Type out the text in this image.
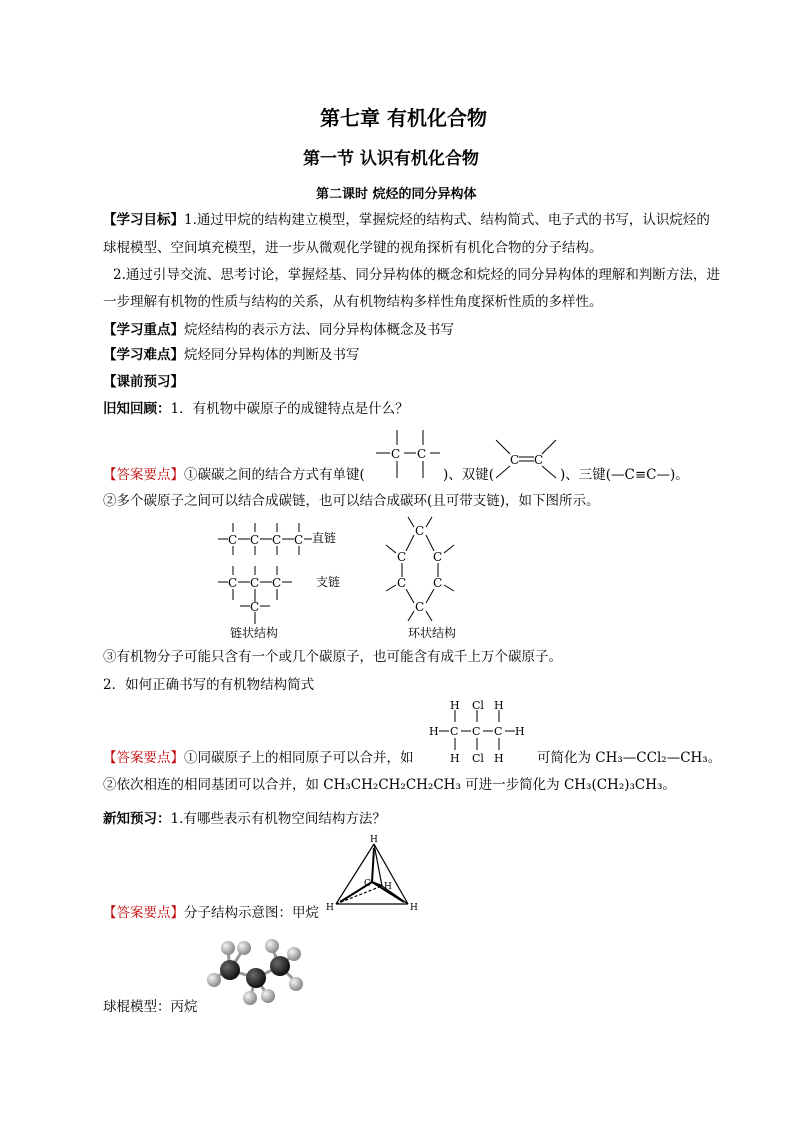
第七章 有机化合物
第一节 认识有机化合物
第二课时 烷烃的同分异构体
【学习目标】1.通过甲烷的结构建立模型，掌握烷烃的结构式、结构简式、电子式的书写，认识烷烃的
球棍模型、空间填充模型，进一步从微观化学键的视角探析有机化合物的分子结构。
2.通过引导交流、思考讨论，掌握烃基、同分异构体的概念和烷烃的同分异构体的理解和判断方法，进
一步理解有机物的性质与结构的关系，从有机物结构多样性角度探析性质的多样性。
【学习重点】烷烃结构的表示方法、同分异构体概念及书写
【学习难点】烷烃同分异构体的判断及书写
【课前预习】
旧知回顾：1．有机物中碳原子的成键特点是什么？
C C	C C
【答案要点】①碳碳之间的结合方式有单键(	)、双键(	)、三键(—C≡C—)。
②多个碳原子之间可以结合成碳链，也可以结合成碳环(且可带支链)，如下图所示。
C C C C
C C C
C
直链
支链
链状结构
C
C C
C C
C
环状结构
③有机物分子可能只含有一个或几个碳原子，也可能含有成千上万个碳原子。
2．如何正确书写的有机物结构简式
H C C C H
H Cl H
H Cl H
【答案要点】①同碳原子上的相同原子可以合并，如	可简化为 CH₃—CCl₂—CH₃。
②依次相连的相同基团可以合并，如 CH₃CH₂CH₂CH₂CH₃ 可进一步简化为 CH₃(CH₂)₃CH₃。
新知预习：1.有哪些表示有机物空间结构方法？
H
C H
H	H
【答案要点】分子结构示意图：甲烷
球棍模型：丙烷
